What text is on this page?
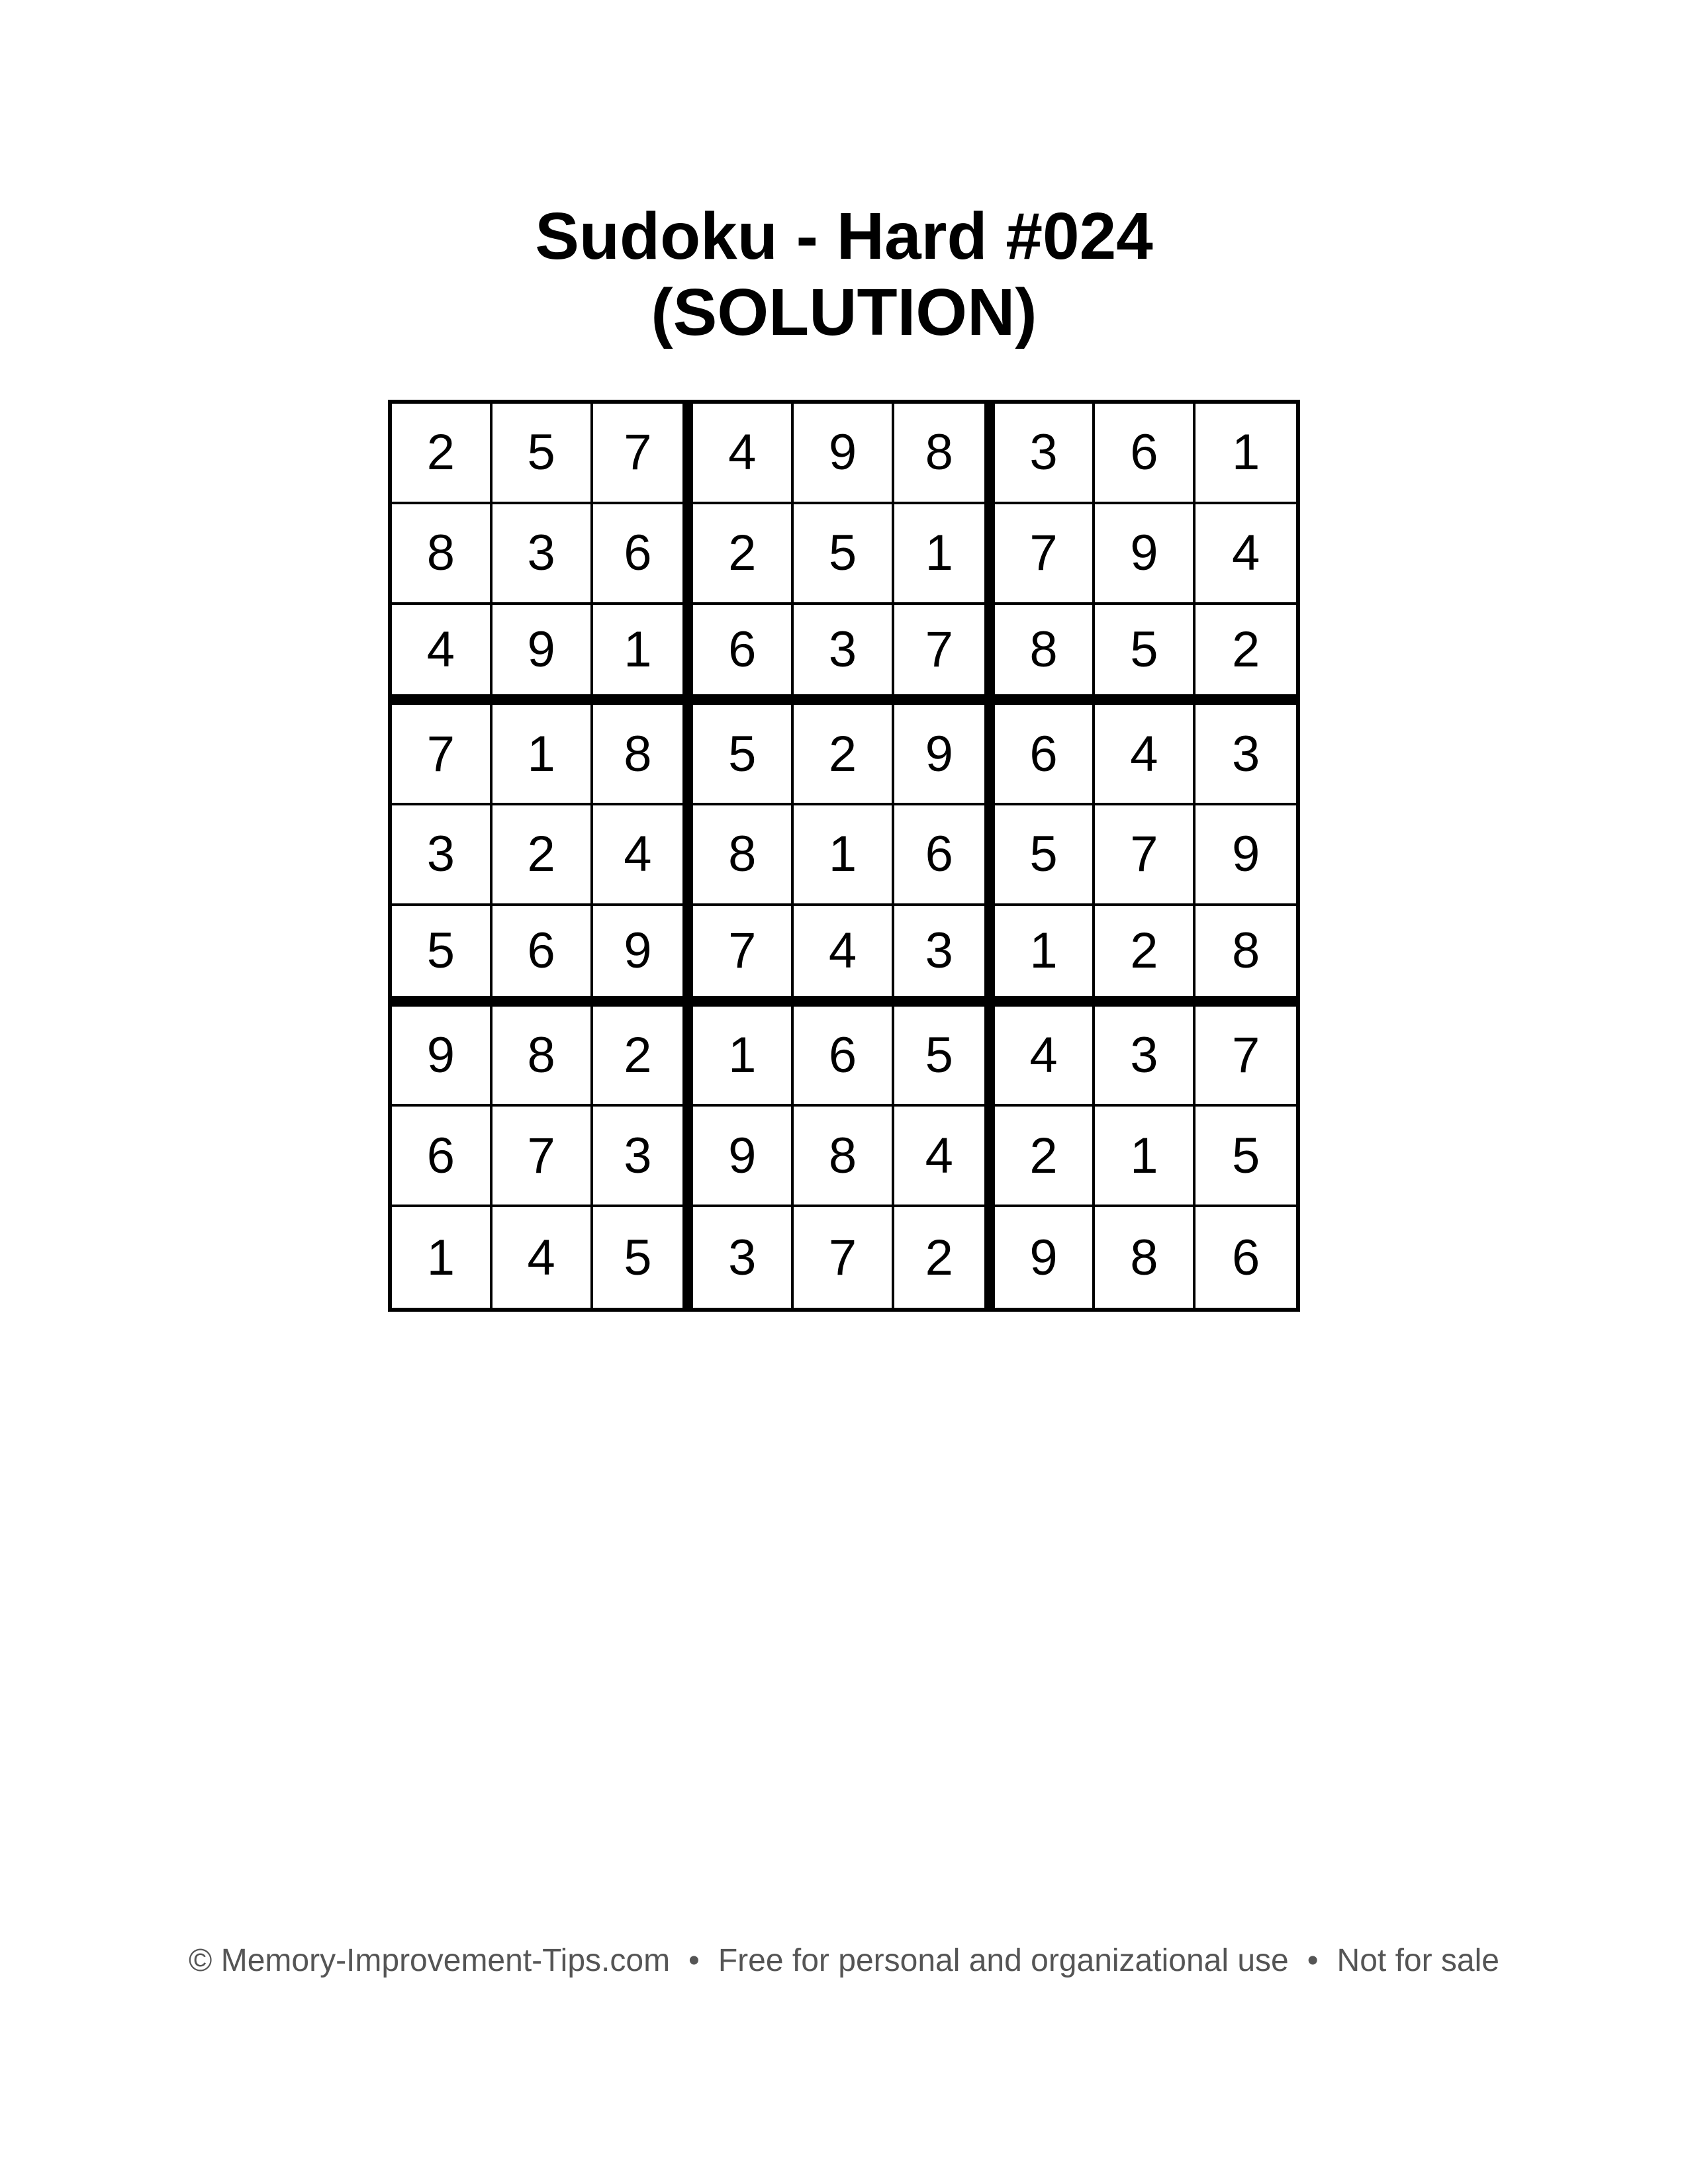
Sudoku - Hard #024
(SOLUTION)
2	5	7	4	9	8	3	6	1
8	3	6	2	5	1	7	9	4
4	9	1	6	3	7	8	5	2
7	1	8	5	2	9	6	4	3
3	2	4	8	1	6	5	7	9
5	6	9	7	4	3	1	2	8
9	8	2	1	6	5	4	3	7
6	7	3	9	8	4	2	1	5
1	4	5	3	7	2	9	8	6
© Memory-Improvement-Tips.com • Free for personal and organizational use • Not for sale
